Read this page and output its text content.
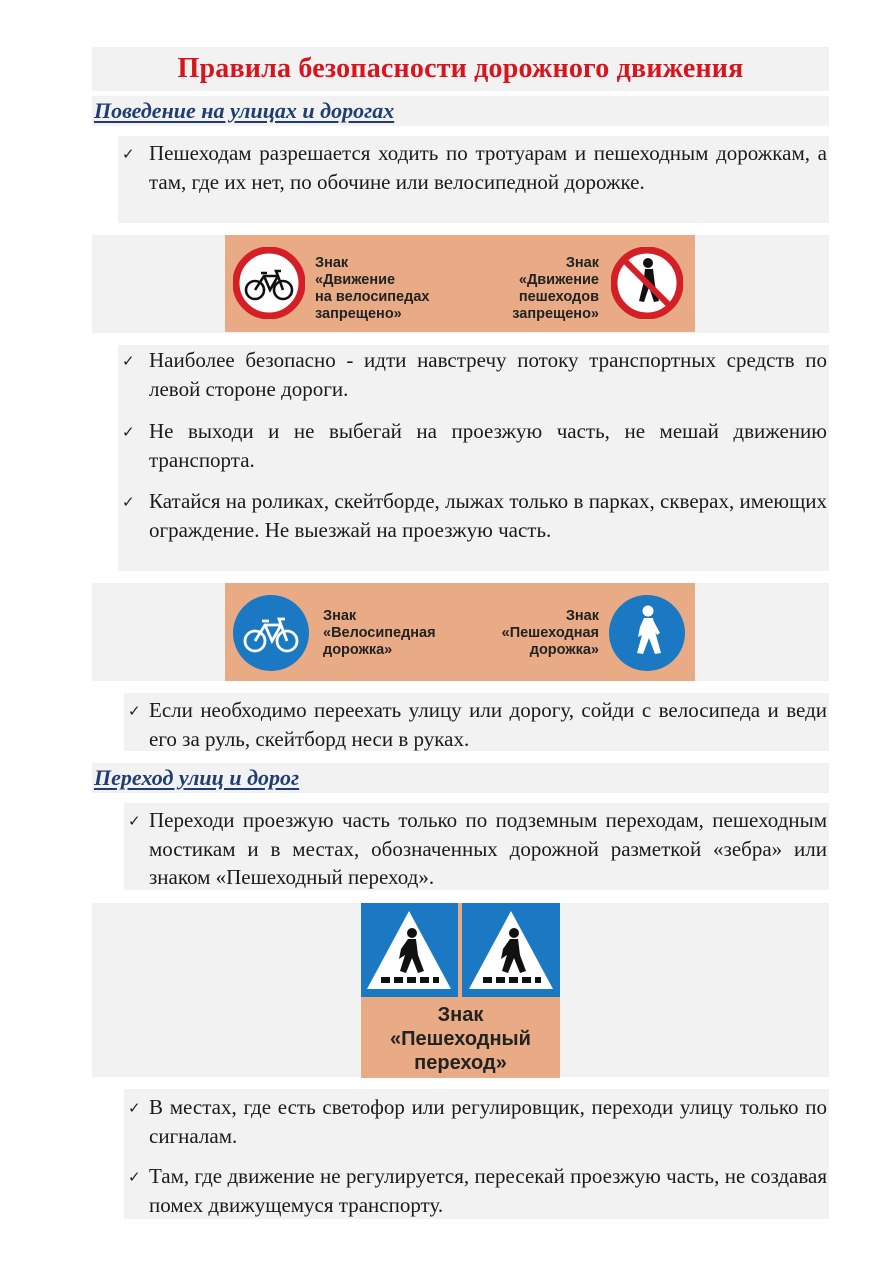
Правила безопасности дорожного движения
Поведение на улицах и дорогах
✓ Пешеходам разрешается ходить по тротуарам и пешеходным дорожкам, а там, где их нет, по обочине или велосипедной дорожке.
Знак
«Движение
на велосипедах
запрещено»
Знак
«Движение
пешеходов
запрещено»
✓ Наиболее безопасно - идти навстречу потоку транспортных средств по левой стороне дороги.
✓ Не выходи и не выбегай на проезжую часть, не мешай движению транспорта.
✓ Катайся на роликах, скейтборде, лыжах только в парках, скверах, имеющих ограждение. Не выезжай на проезжую часть.
Знак
«Велосипедная
дорожка»
Знак
«Пешеходная
дорожка»
✓ Если необходимо переехать улицу или дорогу, сойди с велосипеда и веди его за руль, скейтборд неси в руках.
Переход улиц и дорог
✓ Переходи проезжую часть только по подземным переходам, пешеходным мостикам и в местах, обозначенных дорожной разметкой «зебра» или знаком «Пешеходный переход».
Знак
«Пешеходный
переход»
✓ В местах, где есть светофор или регулировщик, переходи улицу только по сигналам.
✓ Там, где движение не регулируется, пересекай проезжую часть, не создавая помех движущемуся транспорту.
